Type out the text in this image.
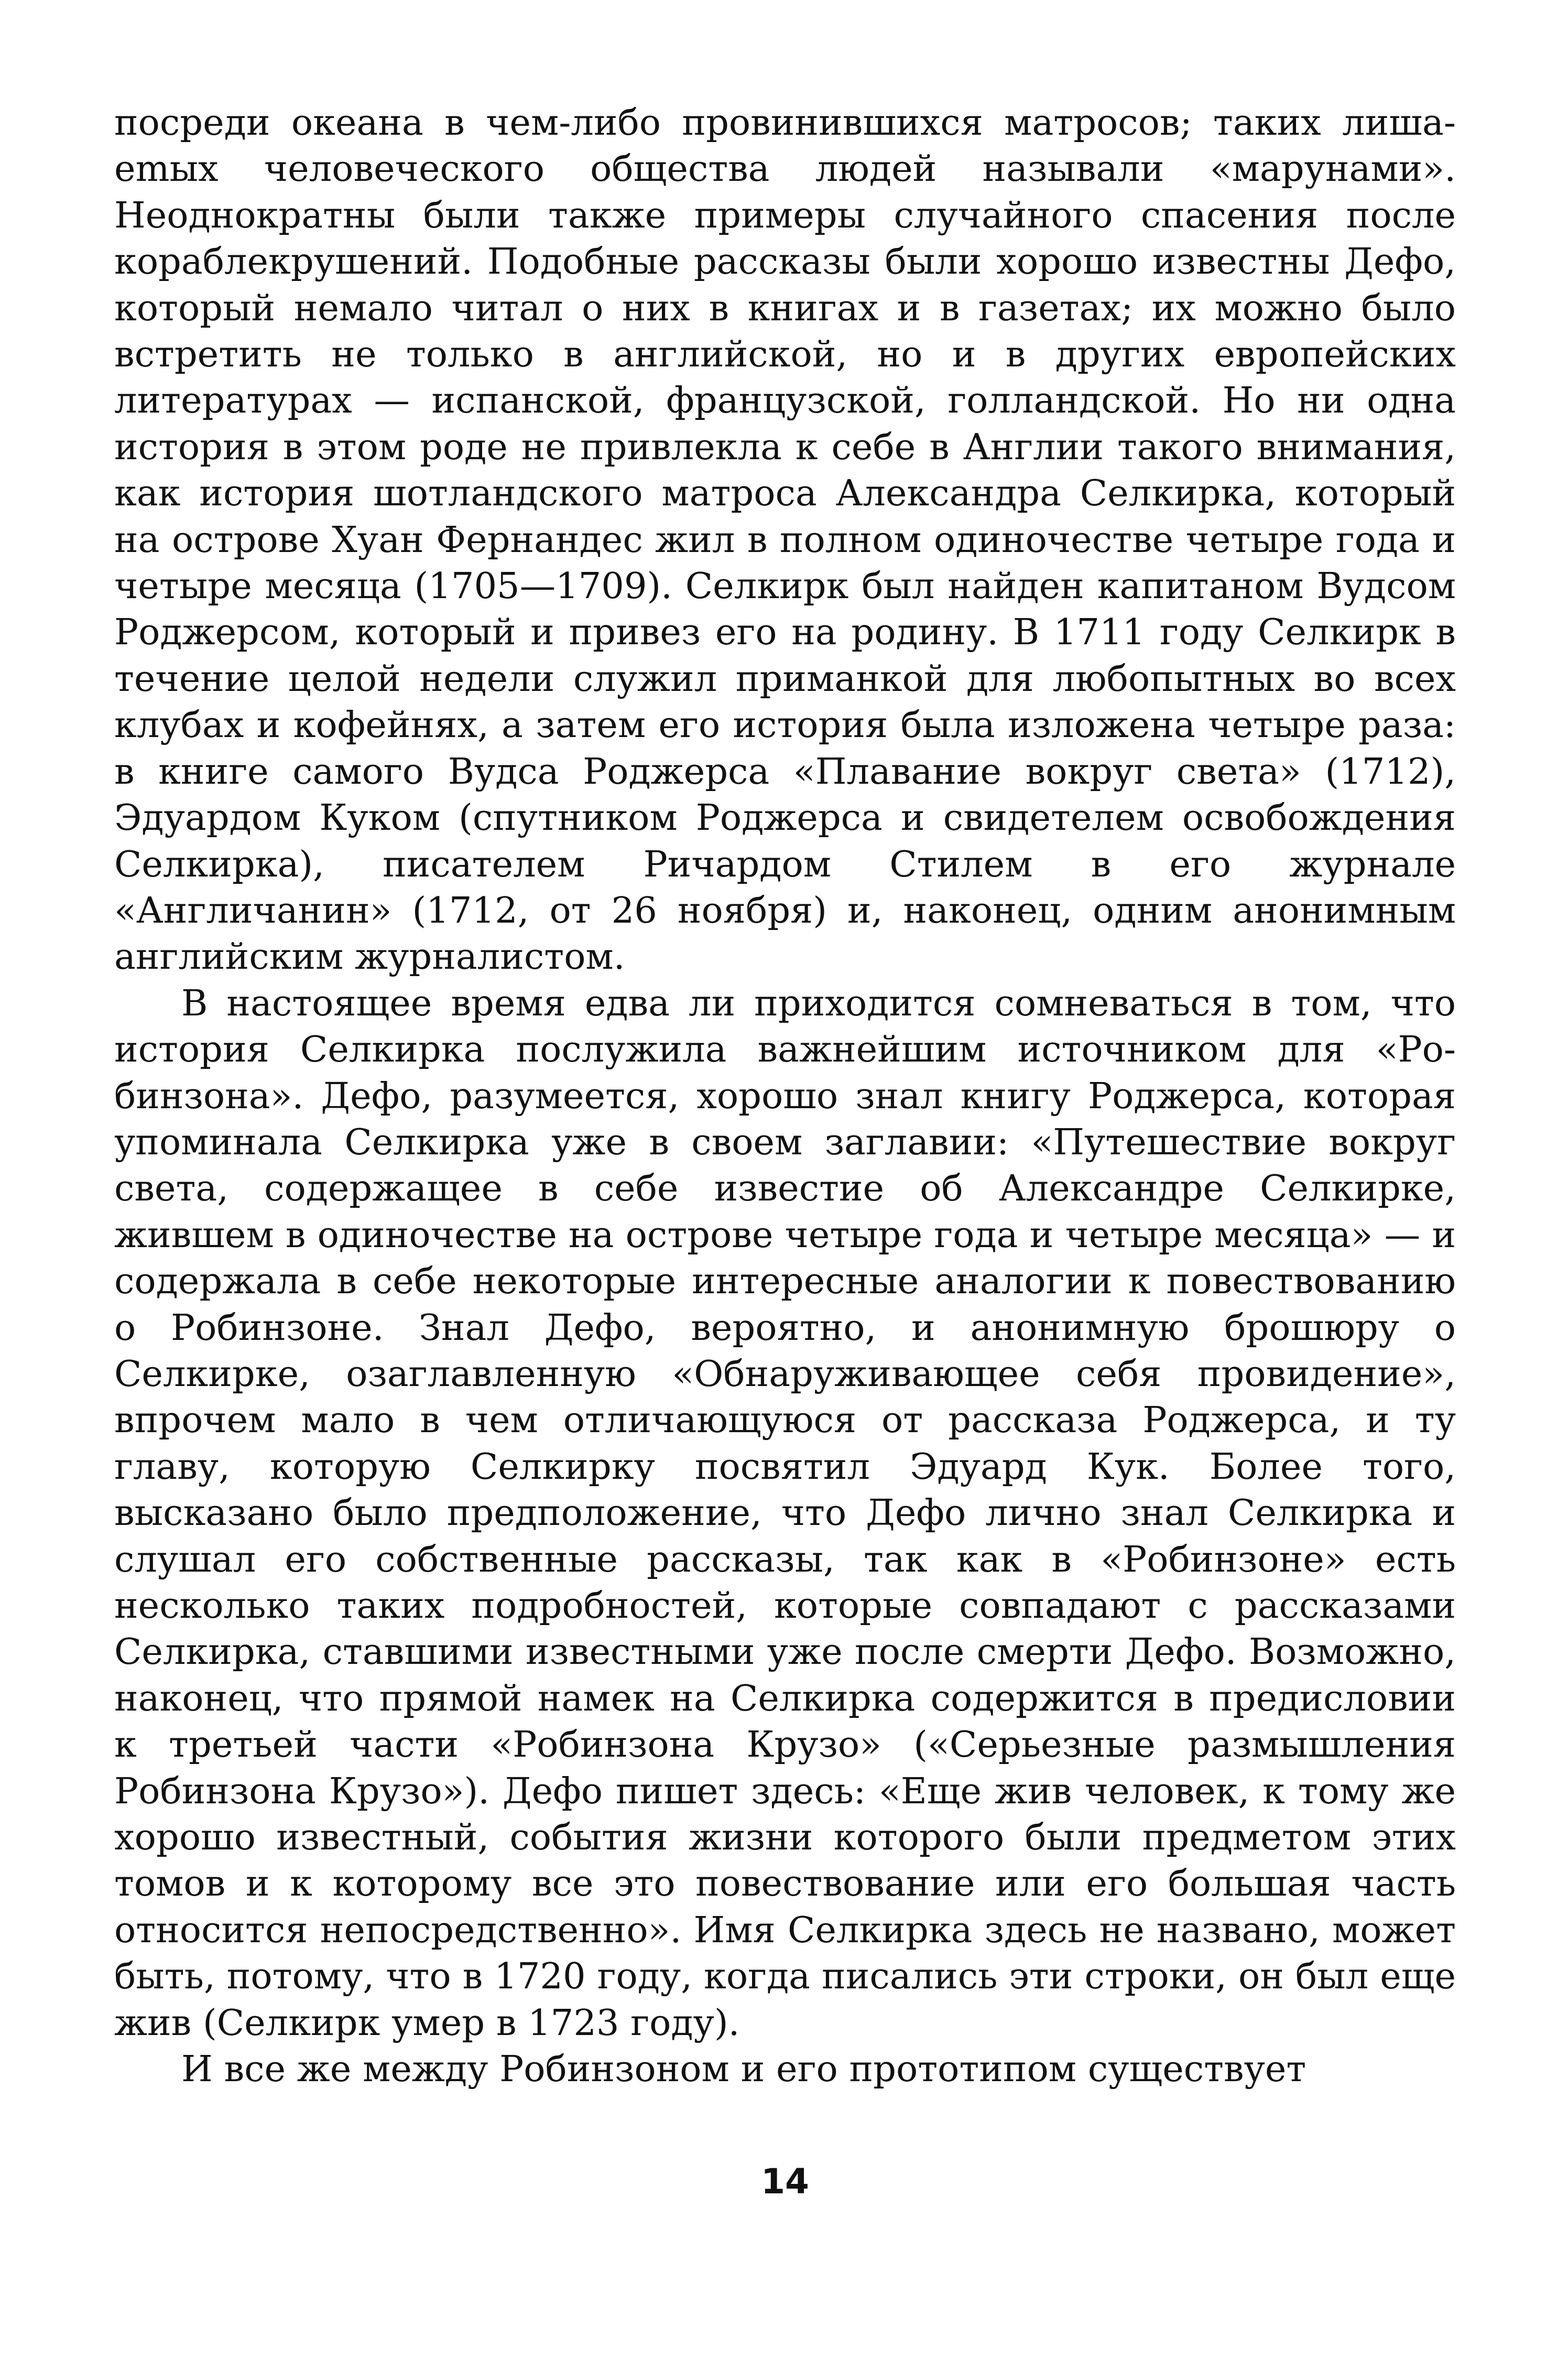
посреди океана в чем-либо провинившихся матросов; таких лишаemых человеческого общества людей называли «марунами». Неоднократны были также примеры случайного спасения после кораблекрушений. Подобные рассказы были хорошо известны Дефо, который немало читал о них в книгах и в газетах; их можно было встретить не только в английской, но и в других европейских литературах — испанской, французской, голландской. Но ни одна история в этом роде не привлекла к себе в Англии такого внимания, как история шотландского матроса Александра Селкирка, который на острове Хуан Фернандес жил в полном одиночестве четыре года и четыре месяца (1705—1709). Селкирк был найден капитаном Вудсом Роджерсом, который и привез его на родину. В 1711 году Селкирк в течение целой недели служил приманкой для любопытных во всех клубах и кофейнях, а затем его история была изложена четыре раза: в книге самого Вудса Роджерса «Плавание вокруг света» (1712), Эдуардом Куком (спутником Роджерса и свидетелем освобождения Селкирка), писателем Ричардом Стилем в его журнале «Англичанин» (1712, от 26 ноября) и, наконец, одним анонимным английским журналистом.

В настоящее время едва ли приходится сомневаться в том, что история Селкирка послужила важнейшим источником для «Робинзона». Дефо, разумеется, хорошо знал книгу Роджерса, которая упоминала Селкирка уже в своем заглавии: «Путешествие вокруг света, содержащее в себе известие об Александре Селкирке, жившем в одиночестве на острове четыре года и четыре месяца» — и содержала в себе некоторые интересные аналогии к повествованию о Робинзоне. Знал Дефо, вероятно, и анонимную брошюру о Селкирке, озаглавленную «Обнаруживающее себя провидение», впрочем мало в чем отличающуюся от рассказа Роджерса, и ту главу, которую Селкирку посвятил Эдуард Кук. Более того, высказано было предположение, что Дефо лично знал Селкирка и слушал его собственные рассказы, так как в «Робинзоне» есть несколько таких подробностей, которые совпадают с рассказами Селкирка, ставшими известными уже после смерти Дефо. Возможно, наконец, что прямой намек на Селкирка содержится в предисловии к третьей части «Робинзона Крузо» («Серьезные размышления Робинзона Крузо»). Дефо пишет здесь: «Еще жив человек, к тому же хорошо известный, события жизни которого были предметом этих томов и к которому все это повествование или его большая часть относится непосредственно». Имя Селкирка здесь не названо, может быть, потому, что в 1720 году, когда писались эти строки, он был еще жив (Селкирк умер в 1723 году).

И все же между Робинзоном и его прототипом существует

14
